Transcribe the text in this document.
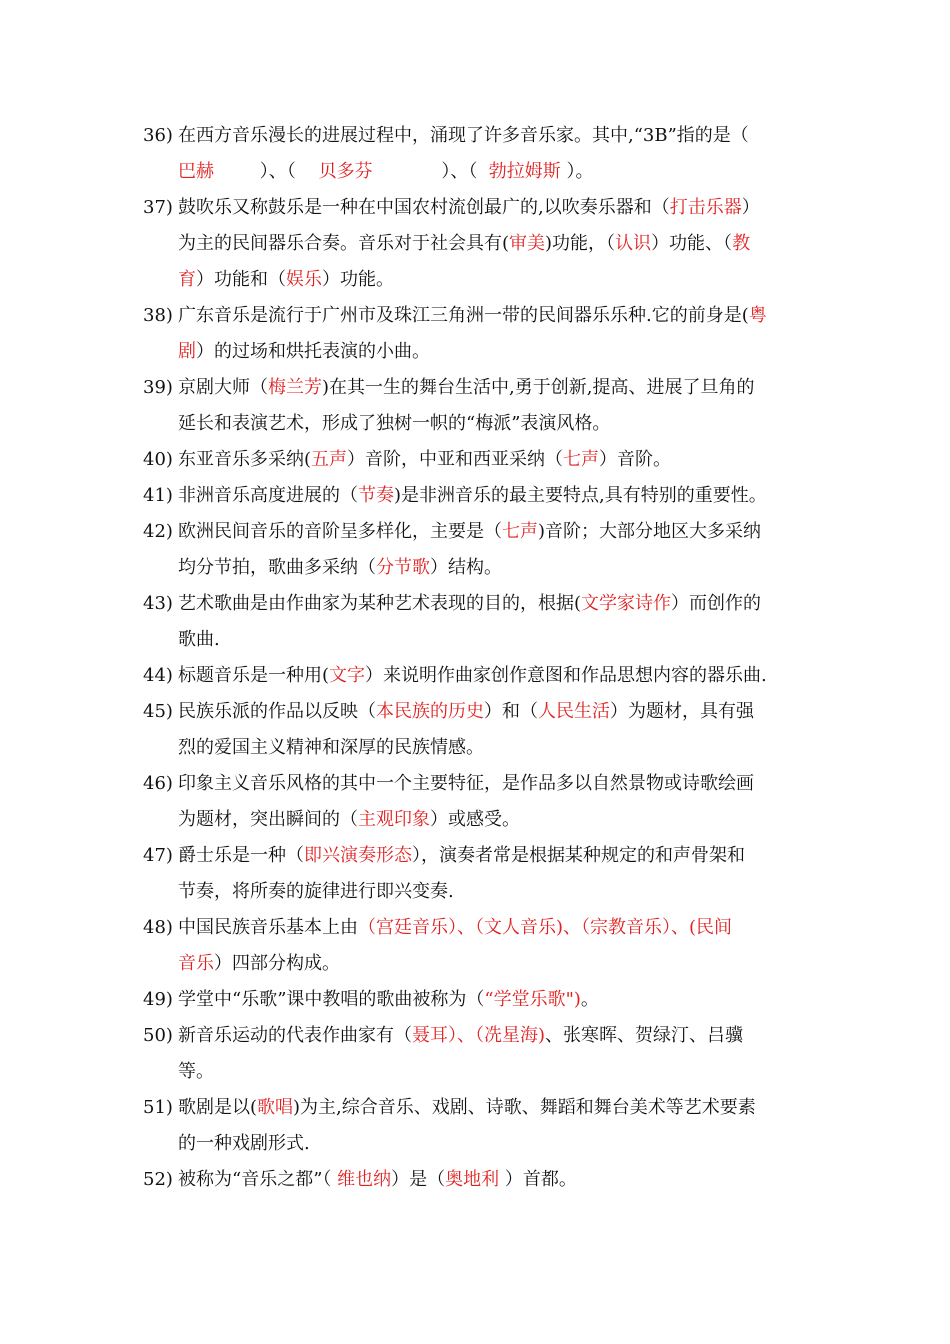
36) 在西方音乐漫长的进展过程中，涌现了许多音乐家。其中,“3B”指的是（
巴赫        ）、（    贝多芬            ）、（  勃拉姆斯 ）。
37) 鼓吹乐又称鼓乐是一种在中国农村流创最广的,以吹奏乐器和（打击乐器）
为主的民间器乐合奏。音乐对于社会具有(审美)功能，（认识）功能、（教
育）功能和（娱乐）功能。
38) 广东音乐是流行于广州市及珠江三角洲一带的民间器乐乐种.它的前身是(粤
剧）的过场和烘托表演的小曲。
39) 京剧大师（梅兰芳)在其一生的舞台生活中,勇于创新,提高、进展了旦角的
延长和表演艺术，形成了独树一帜的“梅派”表演风格。
40) 东亚音乐多采纳(五声）音阶，中亚和西亚采纳（七声）音阶。
41) 非洲音乐高度进展的（节奏)是非洲音乐的最主要特点,具有特别的重要性。
42) 欧洲民间音乐的音阶呈多样化，主要是（七声)音阶；大部分地区大多采纳
均分节拍，歌曲多采纳（分节歌）结构。
43) 艺术歌曲是由作曲家为某种艺术表现的目的，根据(文学家诗作）而创作的
歌曲.
44) 标题音乐是一种用(文字）来说明作曲家创作意图和作品思想内容的器乐曲.
45) 民族乐派的作品以反映（本民族的历史）和（人民生活）为题材，具有强
烈的爱国主义精神和深厚的民族情感。
46) 印象主义音乐风格的其中一个主要特征，是作品多以自然景物或诗歌绘画
为题材，突出瞬间的（主观印象）或感受。
47) 爵士乐是一种（即兴演奏形态），演奏者常是根据某种规定的和声骨架和
节奏，将所奏的旋律进行即兴变奏.
48) 中国民族音乐基本上由（宫廷音乐）、（文人音乐)、（宗教音乐）、(民间
音乐）四部分构成。
49) 学堂中“乐歌”课中教唱的歌曲被称为（“学堂乐歌")。
50) 新音乐运动的代表作曲家有（聂耳）、（冼星海)、张寒晖、贺绿汀、吕骥
等。
51) 歌剧是以(歌唱)为主,综合音乐、戏剧、诗歌、舞蹈和舞台美术等艺术要素
的一种戏剧形式.
52) 被称为“音乐之都”（ 维也纳）是（奥地利 ）首都。
